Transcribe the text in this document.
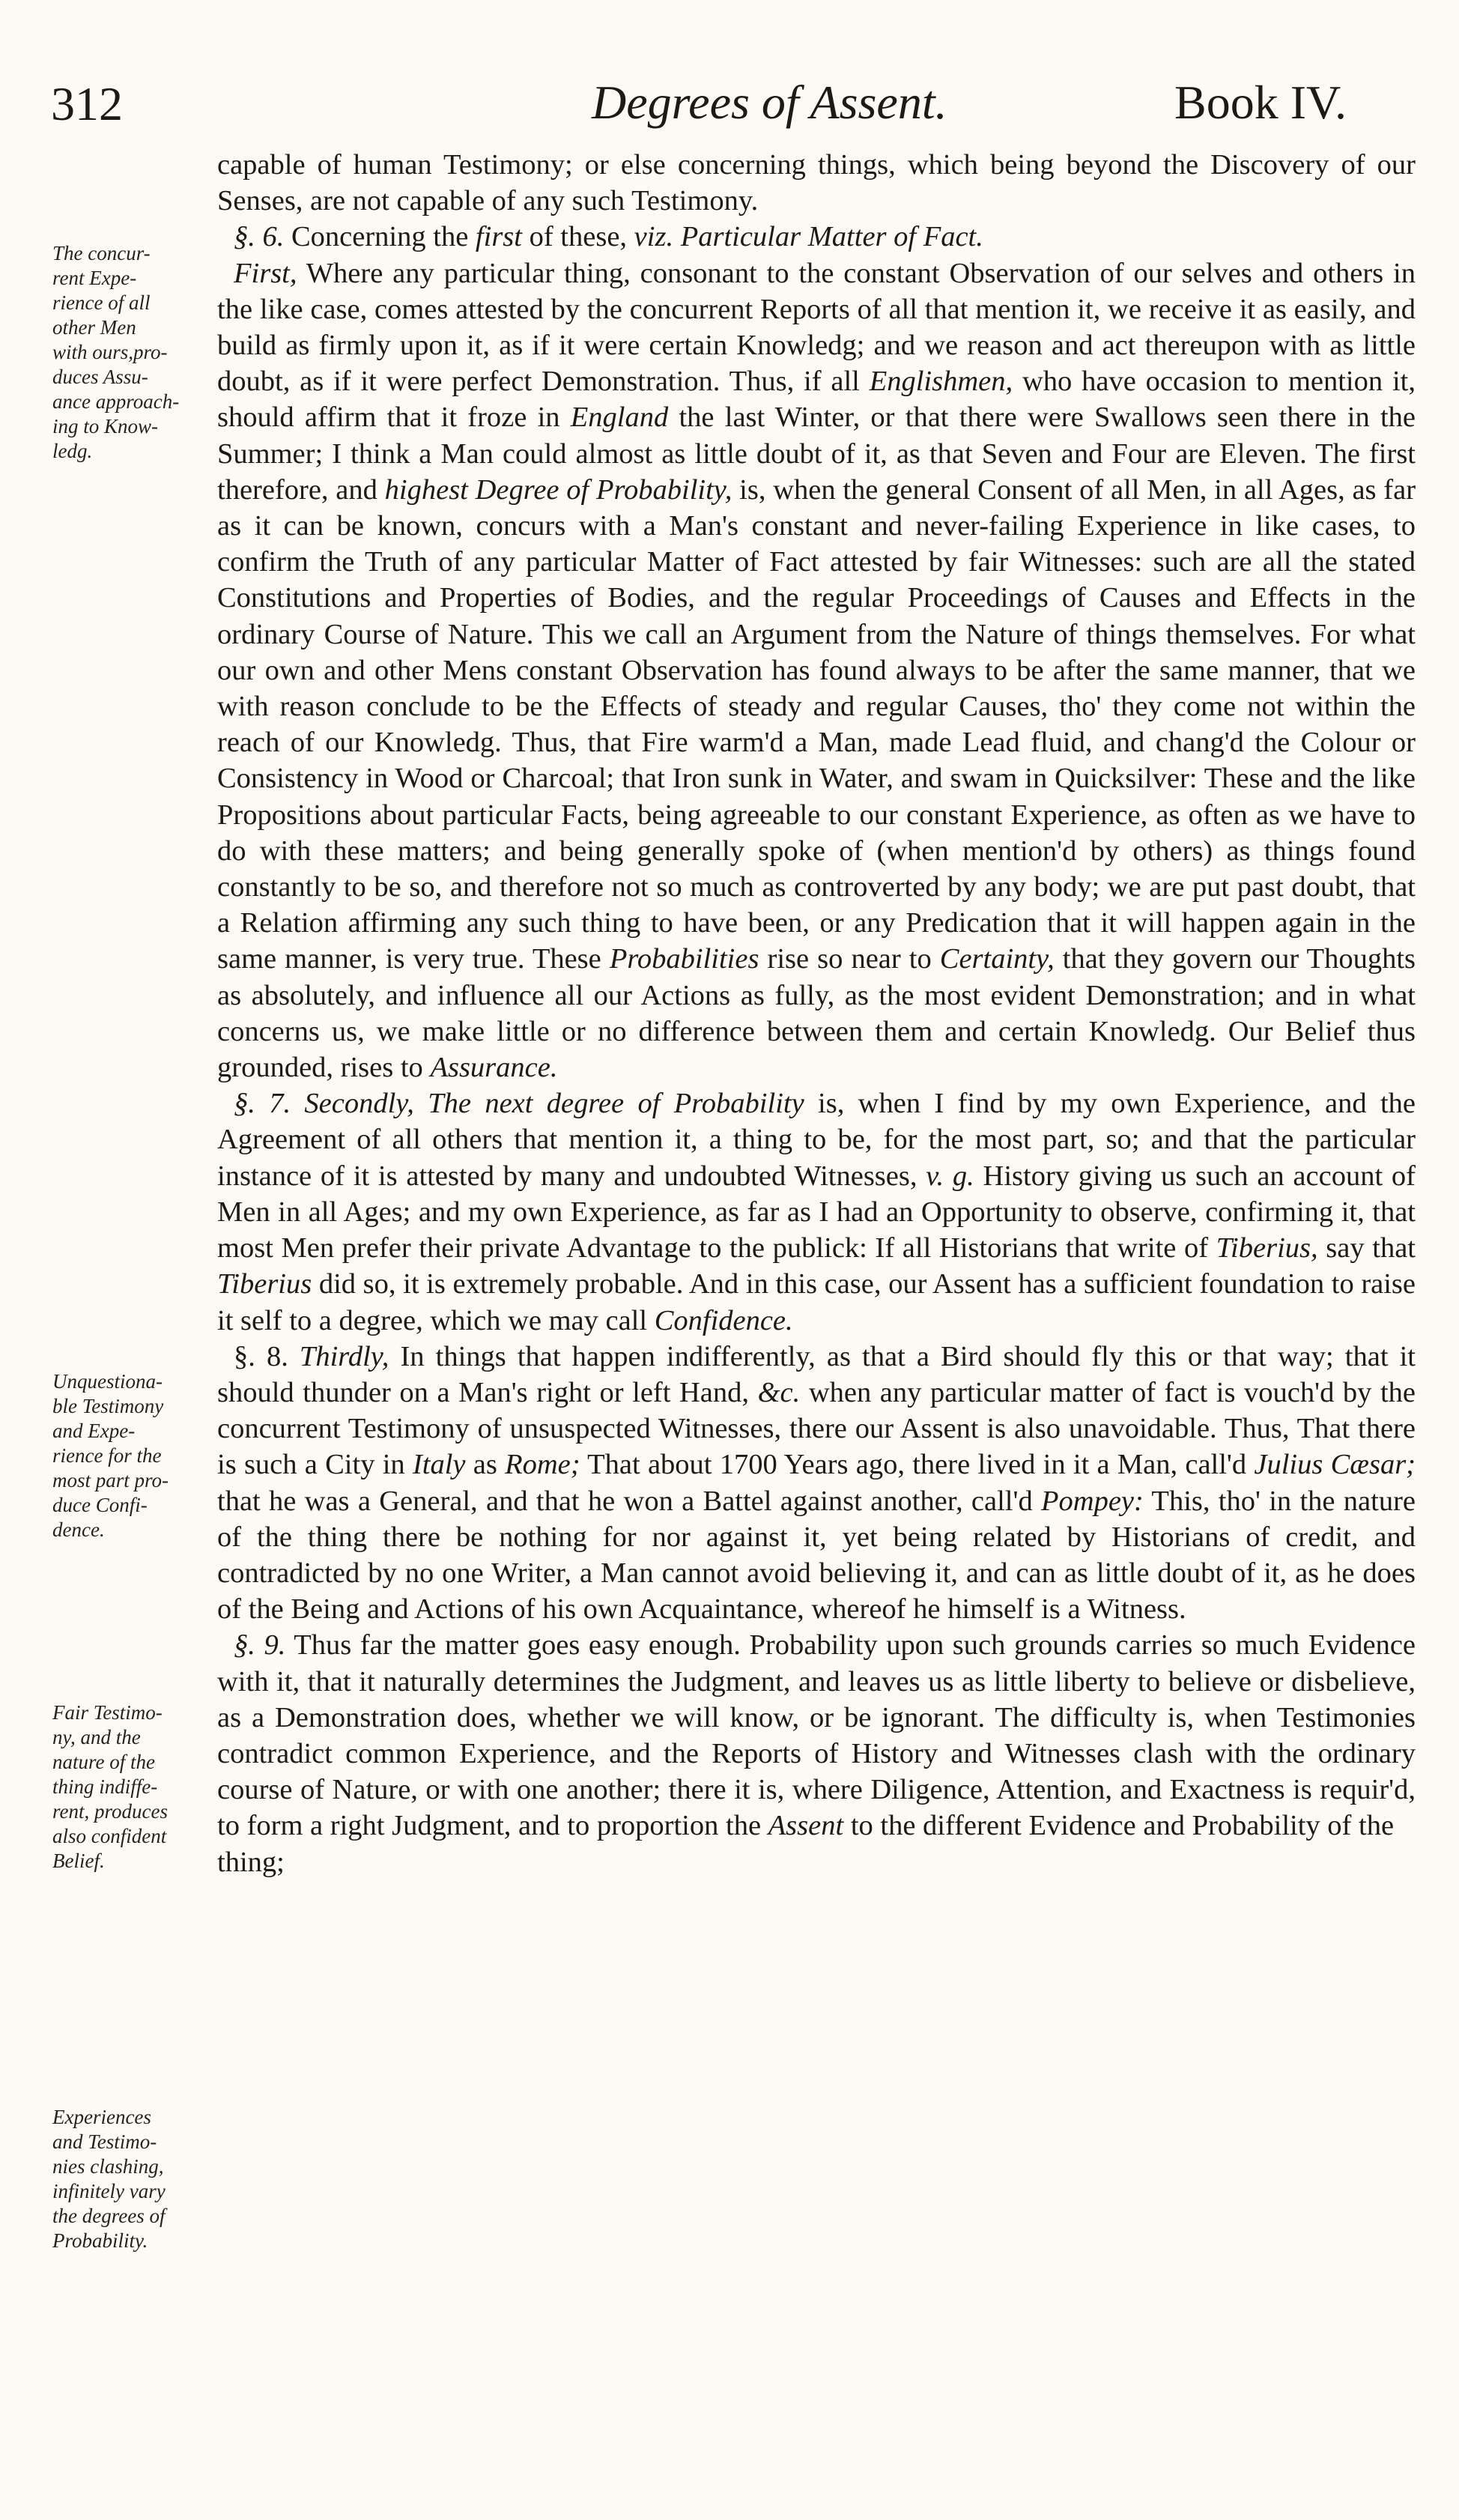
312	Degrees of Assent.	Book IV.
The concur-
rent Expe-
rience of all
other Men
with ours,pro-
duces Assu-
ance approach-
ing to Know-
ledg.
Unquestiona-
ble Testimony
and Expe-
rience for the
most part pro-
duce Confi-
dence.
Fair Testimo-
ny, and the
nature of the
thing indiffe-
rent, produces
also confident
Belief.
Experiences
and Testimo-
nies clashing,
infinitely vary
the degrees of
Probability.

capable of human Testimony; or else concerning things, which being beyond the Discovery of our Senses, are not capable of any such Testimony.

§. 6. Concerning the first of these, viz. Particular Matter of Fact.

First, Where any particular thing, consonant to the constant Observation of our selves and others in the like case, comes attested by the concurrent Reports of all that mention it, we receive it as easily, and build as firmly upon it, as if it were certain Knowledg; and we reason and act thereupon with as little doubt, as if it were perfect Demonstration. Thus, if all Englishmen, who have occasion to mention it, should affirm that it froze in England the last Winter, or that there were Swallows seen there in the Summer; I think a Man could almost as little doubt of it, as that Seven and Four are Eleven. The first therefore, and highest Degree of Probability, is, when the general Consent of all Men, in all Ages, as far as it can be known, concurs with a Man's constant and never-failing Experience in like cases, to confirm the Truth of any particular Matter of Fact attested by fair Witnesses: such are all the stated Constitutions and Properties of Bodies, and the regular Proceedings of Causes and Effects in the ordinary Course of Nature. This we call an Argument from the Nature of things themselves. For what our own and other Mens constant Observation has found always to be after the same manner, that we with reason conclude to be the Effects of steady and regular Causes, tho' they come not within the reach of our Knowledg. Thus, that Fire warm'd a Man, made Lead fluid, and chang'd the Colour or Consistency in Wood or Charcoal; that Iron sunk in Water, and swam in Quicksilver: These and the like Propositions about particular Facts, being agreeable to our constant Experience, as often as we have to do with these matters; and being generally spoke of (when mention'd by others) as things found constantly to be so, and therefore not so much as controverted by any body; we are put past doubt, that a Relation affirming any such thing to have been, or any Predication that it will happen again in the same manner, is very true. These Probabilities rise so near to Certainty, that they govern our Thoughts as absolutely, and influence all our Actions as fully, as the most evident Demonstration; and in what concerns us, we make little or no difference between them and certain Knowledg. Our Belief thus grounded, rises to Assurance.

§. 7. Secondly, The next degree of Probability is, when I find by my own Experience, and the Agreement of all others that mention it, a thing to be, for the most part, so; and that the particular instance of it is attested by many and undoubted Witnesses, v. g. History giving us such an account of Men in all Ages; and my own Experience, as far as I had an Opportunity to observe, confirming it, that most Men prefer their private Advantage to the publick: If all Historians that write of Tiberius, say that Tiberius did so, it is extremely probable. And in this case, our Assent has a sufficient foundation to raise it self to a degree, which we may call Confidence.

§. 8. Thirdly, In things that happen indifferently, as that a Bird should fly this or that way; that it should thunder on a Man's right or left Hand, &c. when any particular matter of fact is vouch'd by the concurrent Testimony of unsuspected Witnesses, there our Assent is also unavoidable. Thus, That there is such a City in Italy as Rome; That about 1700 Years ago, there lived in it a Man, call'd Julius Cæsar; that he was a General, and that he won a Battel against another, call'd Pompey: This, tho' in the nature of the thing there be nothing for nor against it, yet being related by Historians of credit, and contradicted by no one Writer, a Man cannot avoid believing it, and can as little doubt of it, as he does of the Being and Actions of his own Acquaintance, whereof he himself is a Witness.

§. 9. Thus far the matter goes easy enough. Probability upon such grounds carries so much Evidence with it, that it naturally determines the Judgment, and leaves us as little liberty to believe or disbelieve, as a Demonstration does, whether we will know, or be ignorant. The difficulty is, when Testimonies contradict common Experience, and the Reports of History and Witnesses clash with the ordinary course of Nature, or with one another; there it is, where Diligence, Attention, and Exactness is requir'd, to form a right Judgment, and to proportion the Assent to the different Evidence and Probability of the

thing;
